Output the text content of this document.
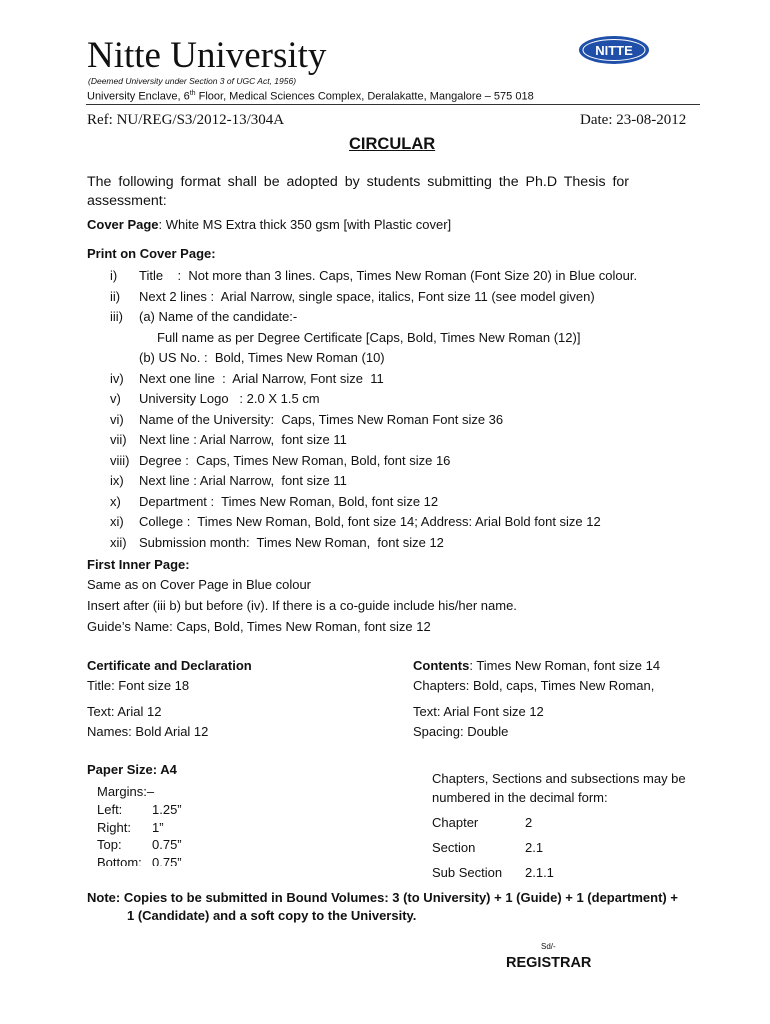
Nitte University
(Deemed University under Section 3 of UGC Act, 1956)
University Enclave, 6th Floor, Medical Sciences Complex, Deralakatte, Mangalore – 575 018
NITTE
Ref: NU/REG/S3/2012-13/304A	Date: 23-08-2012
CIRCULAR
The following format shall be adopted by students submitting the Ph.D Thesis for assessment:
Cover Page: White MS Extra thick 350 gsm [with Plastic cover]
Print on Cover Page:
i) Title    :  Not more than 3 lines. Caps, Times New Roman (Font Size 20) in Blue colour.
ii) Next 2 lines :  Arial Narrow, single space, italics, Font size 11 (see model given)
iii) (a) Name of the candidate:-
Full name as per Degree Certificate [Caps, Bold, Times New Roman (12)]
(b) US No. :  Bold, Times New Roman (10)
iv) Next one line  :  Arial Narrow, Font size  11
v) University Logo   : 2.0 X 1.5 cm
vi) Name of the University:  Caps, Times New Roman Font size 36
vii) Next line : Arial Narrow,  font size 11
viii) Degree :  Caps, Times New Roman, Bold, font size 16
ix) Next line : Arial Narrow,  font size 11
x) Department :  Times New Roman, Bold, font size 12
xi) College :  Times New Roman, Bold, font size 14; Address: Arial Bold font size 12
xii) Submission month:  Times New Roman,  font size 12
First Inner Page:
Same as on Cover Page in Blue colour
Insert after (iii b) but before (iv). If there is a co-guide include his/her name.
Guide’s Name: Caps, Bold, Times New Roman, font size 12
Certificate and Declaration
Title: Font size 18
Text: Arial 12
Names: Bold Arial 12
Contents: Times New Roman, font size 14
Chapters: Bold, caps, Times New Roman,
Text: Arial Font size 12
Spacing: Double
Paper Size: A4
Margins:–
Left: 1.25”
Right: 1”
Top: 0.75”
Bottom: 0.75”
Chapters, Sections and subsections may be
numbered in the decimal form:
Chapter	2
Section	2.1
Sub Section 2.1.1
Note: Copies to be submitted in Bound Volumes: 3 (to University) + 1 (Guide) + 1 (department) +
1 (Candidate) and a soft copy to the University.
Sd/-
REGISTRAR
